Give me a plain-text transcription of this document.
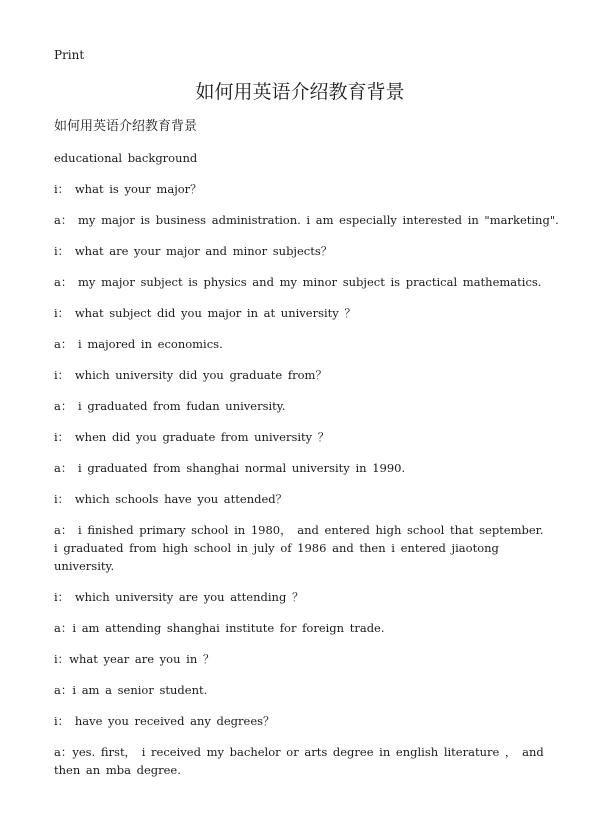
Print
如何用英语介绍教育背景
如何用英语介绍教育背景
educational background
i： what is your major？
a： my major is business administration. i am especially interested in "marketing".
i： what are your major and minor subjects？
a： my major subject is physics and my minor subject is practical mathematics.
i： what subject did you major in at university ？
a： i majored in economics.
i： which university did you graduate from？
a： i graduated from fudan university.
i： when did you graduate from university ？
a： i graduated from shanghai normal university in 1990.
i： which schools have you attended？
a： i finished primary school in 1980， and entered high school that september. i graduated from high school in july of 1986 and then i entered jiaotong university.
i： which university are you attending ？
a：i am attending shanghai institute for foreign trade.
i：what year are you in ？
a：i am a senior student.
i： have you received any degrees？
a：yes. first， i received my bachelor or arts degree in english literature ， and then an mba degree.
